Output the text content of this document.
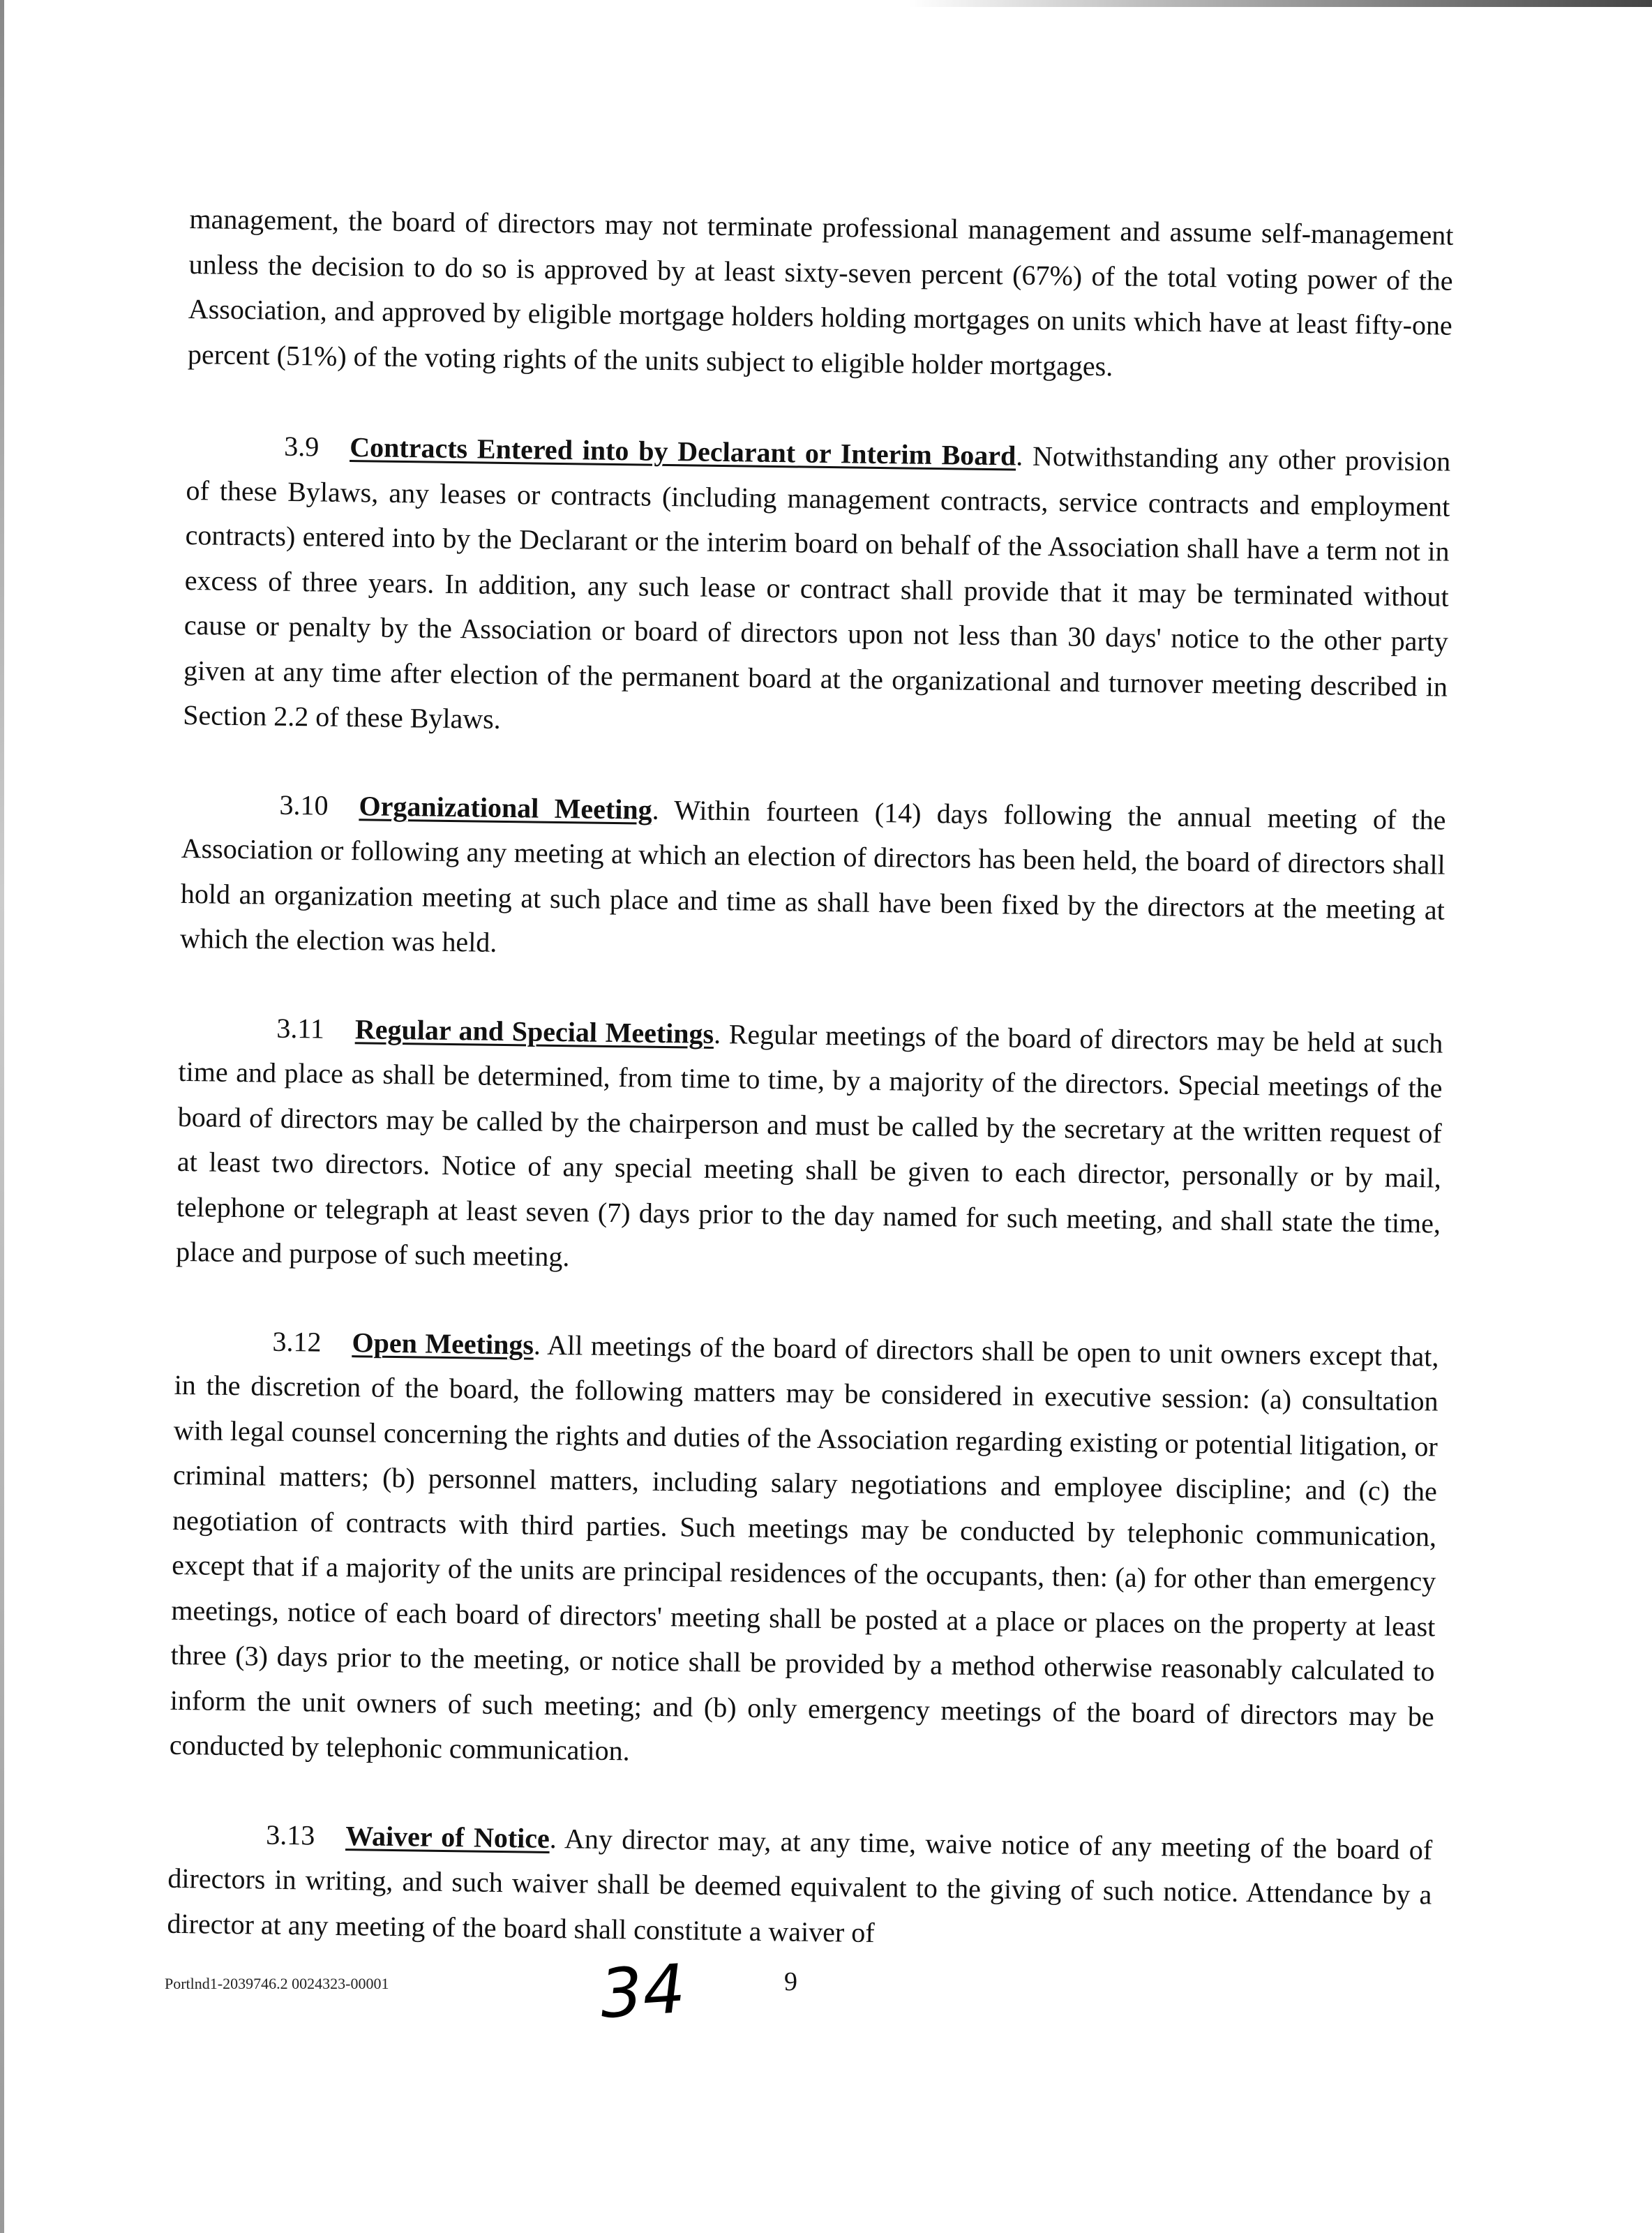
management, the board of directors may not terminate professional management and assume self-management unless the decision to do so is approved by at least sixty-seven percent (67%) of the total voting power of the Association, and approved by eligible mortgage holders holding mortgages on units which have at least fifty-one percent (51%) of the voting rights of the units subject to eligible holder mortgages.

3.9 Contracts Entered into by Declarant or Interim Board. Notwithstanding any other provision of these Bylaws, any leases or contracts (including management contracts, service contracts and employment contracts) entered into by the Declarant or the interim board on behalf of the Association shall have a term not in excess of three years. In addition, any such lease or contract shall provide that it may be terminated without cause or penalty by the Association or board of directors upon not less than 30 days' notice to the other party given at any time after election of the permanent board at the organizational and turnover meeting described in Section 2.2 of these Bylaws.

3.10 Organizational Meeting. Within fourteen (14) days following the annual meeting of the Association or following any meeting at which an election of directors has been held, the board of directors shall hold an organization meeting at such place and time as shall have been fixed by the directors at the meeting at which the election was held.

3.11 Regular and Special Meetings. Regular meetings of the board of directors may be held at such time and place as shall be determined, from time to time, by a majority of the directors. Special meetings of the board of directors may be called by the chairperson and must be called by the secretary at the written request of at least two directors. Notice of any special meeting shall be given to each director, personally or by mail, telephone or telegraph at least seven (7) days prior to the day named for such meeting, and shall state the time, place and purpose of such meeting.

3.12 Open Meetings. All meetings of the board of directors shall be open to unit owners except that, in the discretion of the board, the following matters may be considered in executive session: (a) consultation with legal counsel concerning the rights and duties of the Association regarding existing or potential litigation, or criminal matters; (b) personnel matters, including salary negotiations and employee discipline; and (c) the negotiation of contracts with third parties. Such meetings may be conducted by telephonic communication, except that if a majority of the units are principal residences of the occupants, then: (a) for other than emergency meetings, notice of each board of directors' meeting shall be posted at a place or places on the property at least three (3) days prior to the meeting, or notice shall be provided by a method otherwise reasonably calculated to inform the unit owners of such meeting; and (b) only emergency meetings of the board of directors may be conducted by telephonic communication.

3.13 Waiver of Notice. Any director may, at any time, waive notice of any meeting of the board of directors in writing, and such waiver shall be deemed equivalent to the giving of such notice. Attendance by a director at any meeting of the board shall constitute a waiver of

Portlnd1-2039746.2 0024323-00001	34	9
